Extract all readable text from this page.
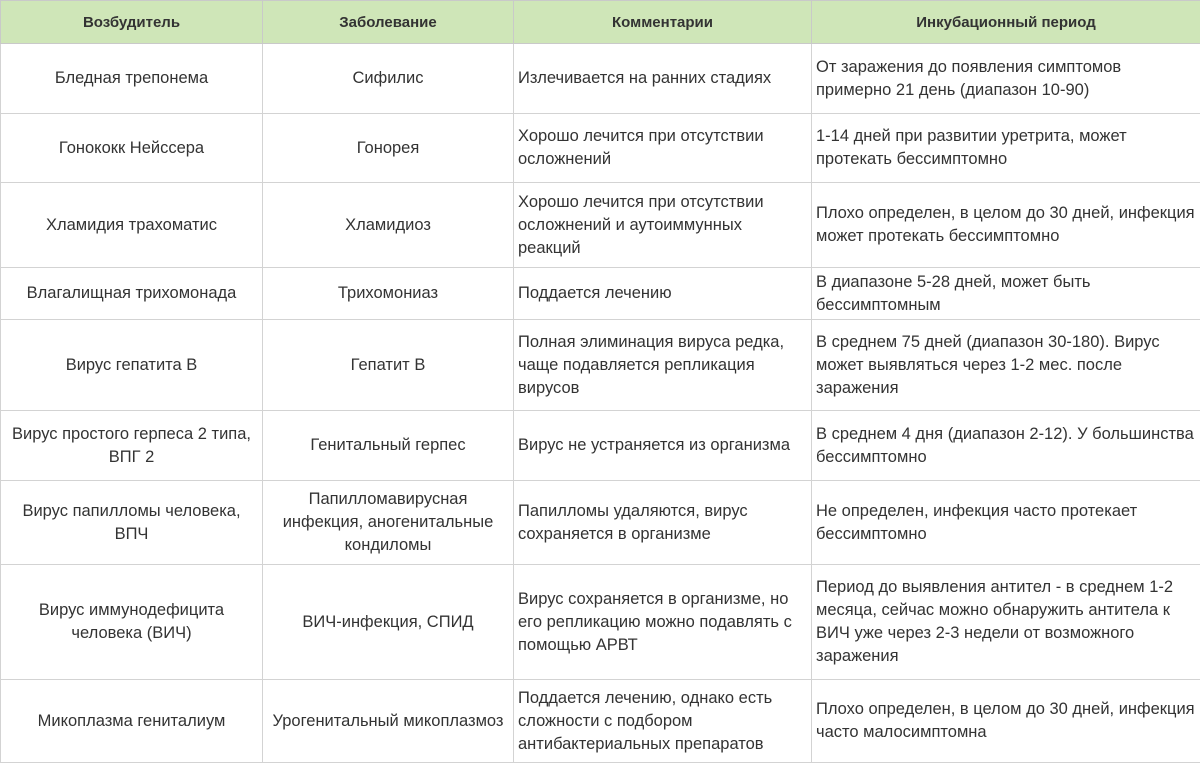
Возбудитель	Заболевание	Комментарии	Инкубационный период
Бледная трепонема	Сифилис	Излечивается на ранних стадиях	От заражения до появления симптомов примерно 21 день (диапазон 10-90)
Гонококк Нейссера	Гонорея	Хорошо лечится при отсутствии осложнений	1-14 дней при развитии уретрита, может протекать бессимптомно
Хламидия трахоматис	Хламидиоз	Хорошо лечится при отсутствии осложнений и аутоиммунных реакций	Плохо определен, в целом до 30 дней, инфекция может протекать бессимптомно
Влагалищная трихомонада	Трихомониаз	Поддается лечению	В диапазоне 5-28 дней, может быть бессимптомным
Вирус гепатита B	Гепатит B	Полная элиминация вируса редка, чаще подавляется репликация вирусов	В среднем 75 дней (диапазон 30-180). Вирус может выявляться через 1-2 мес. после заражения
Вирус простого герпеса 2 типа, ВПГ 2	Генитальный герпес	Вирус не устраняется из организма	В среднем 4 дня (диапазон 2-12). У большинства бессимптомно
Вирус папилломы человека, ВПЧ	Папилломавирусная инфекция, аногенитальные кондиломы	Папилломы удаляются, вирус сохраняется в организме	Не определен, инфекция часто протекает бессимптомно
Вирус иммунодефицита человека (ВИЧ)	ВИЧ-инфекция, СПИД	Вирус сохраняется в организме, но его репликацию можно подавлять с помощью АРВТ	Период до выявления антител - в среднем 1-2 месяца, сейчас можно обнаружить антитела к ВИЧ уже через 2-3 недели от возможного заражения
Микоплазма гениталиум	Урогенитальный микоплазмоз	Поддается лечению, однако есть сложности с подбором антибактериальных препаратов	Плохо определен, в целом до 30 дней, инфекция часто малосимптомна
